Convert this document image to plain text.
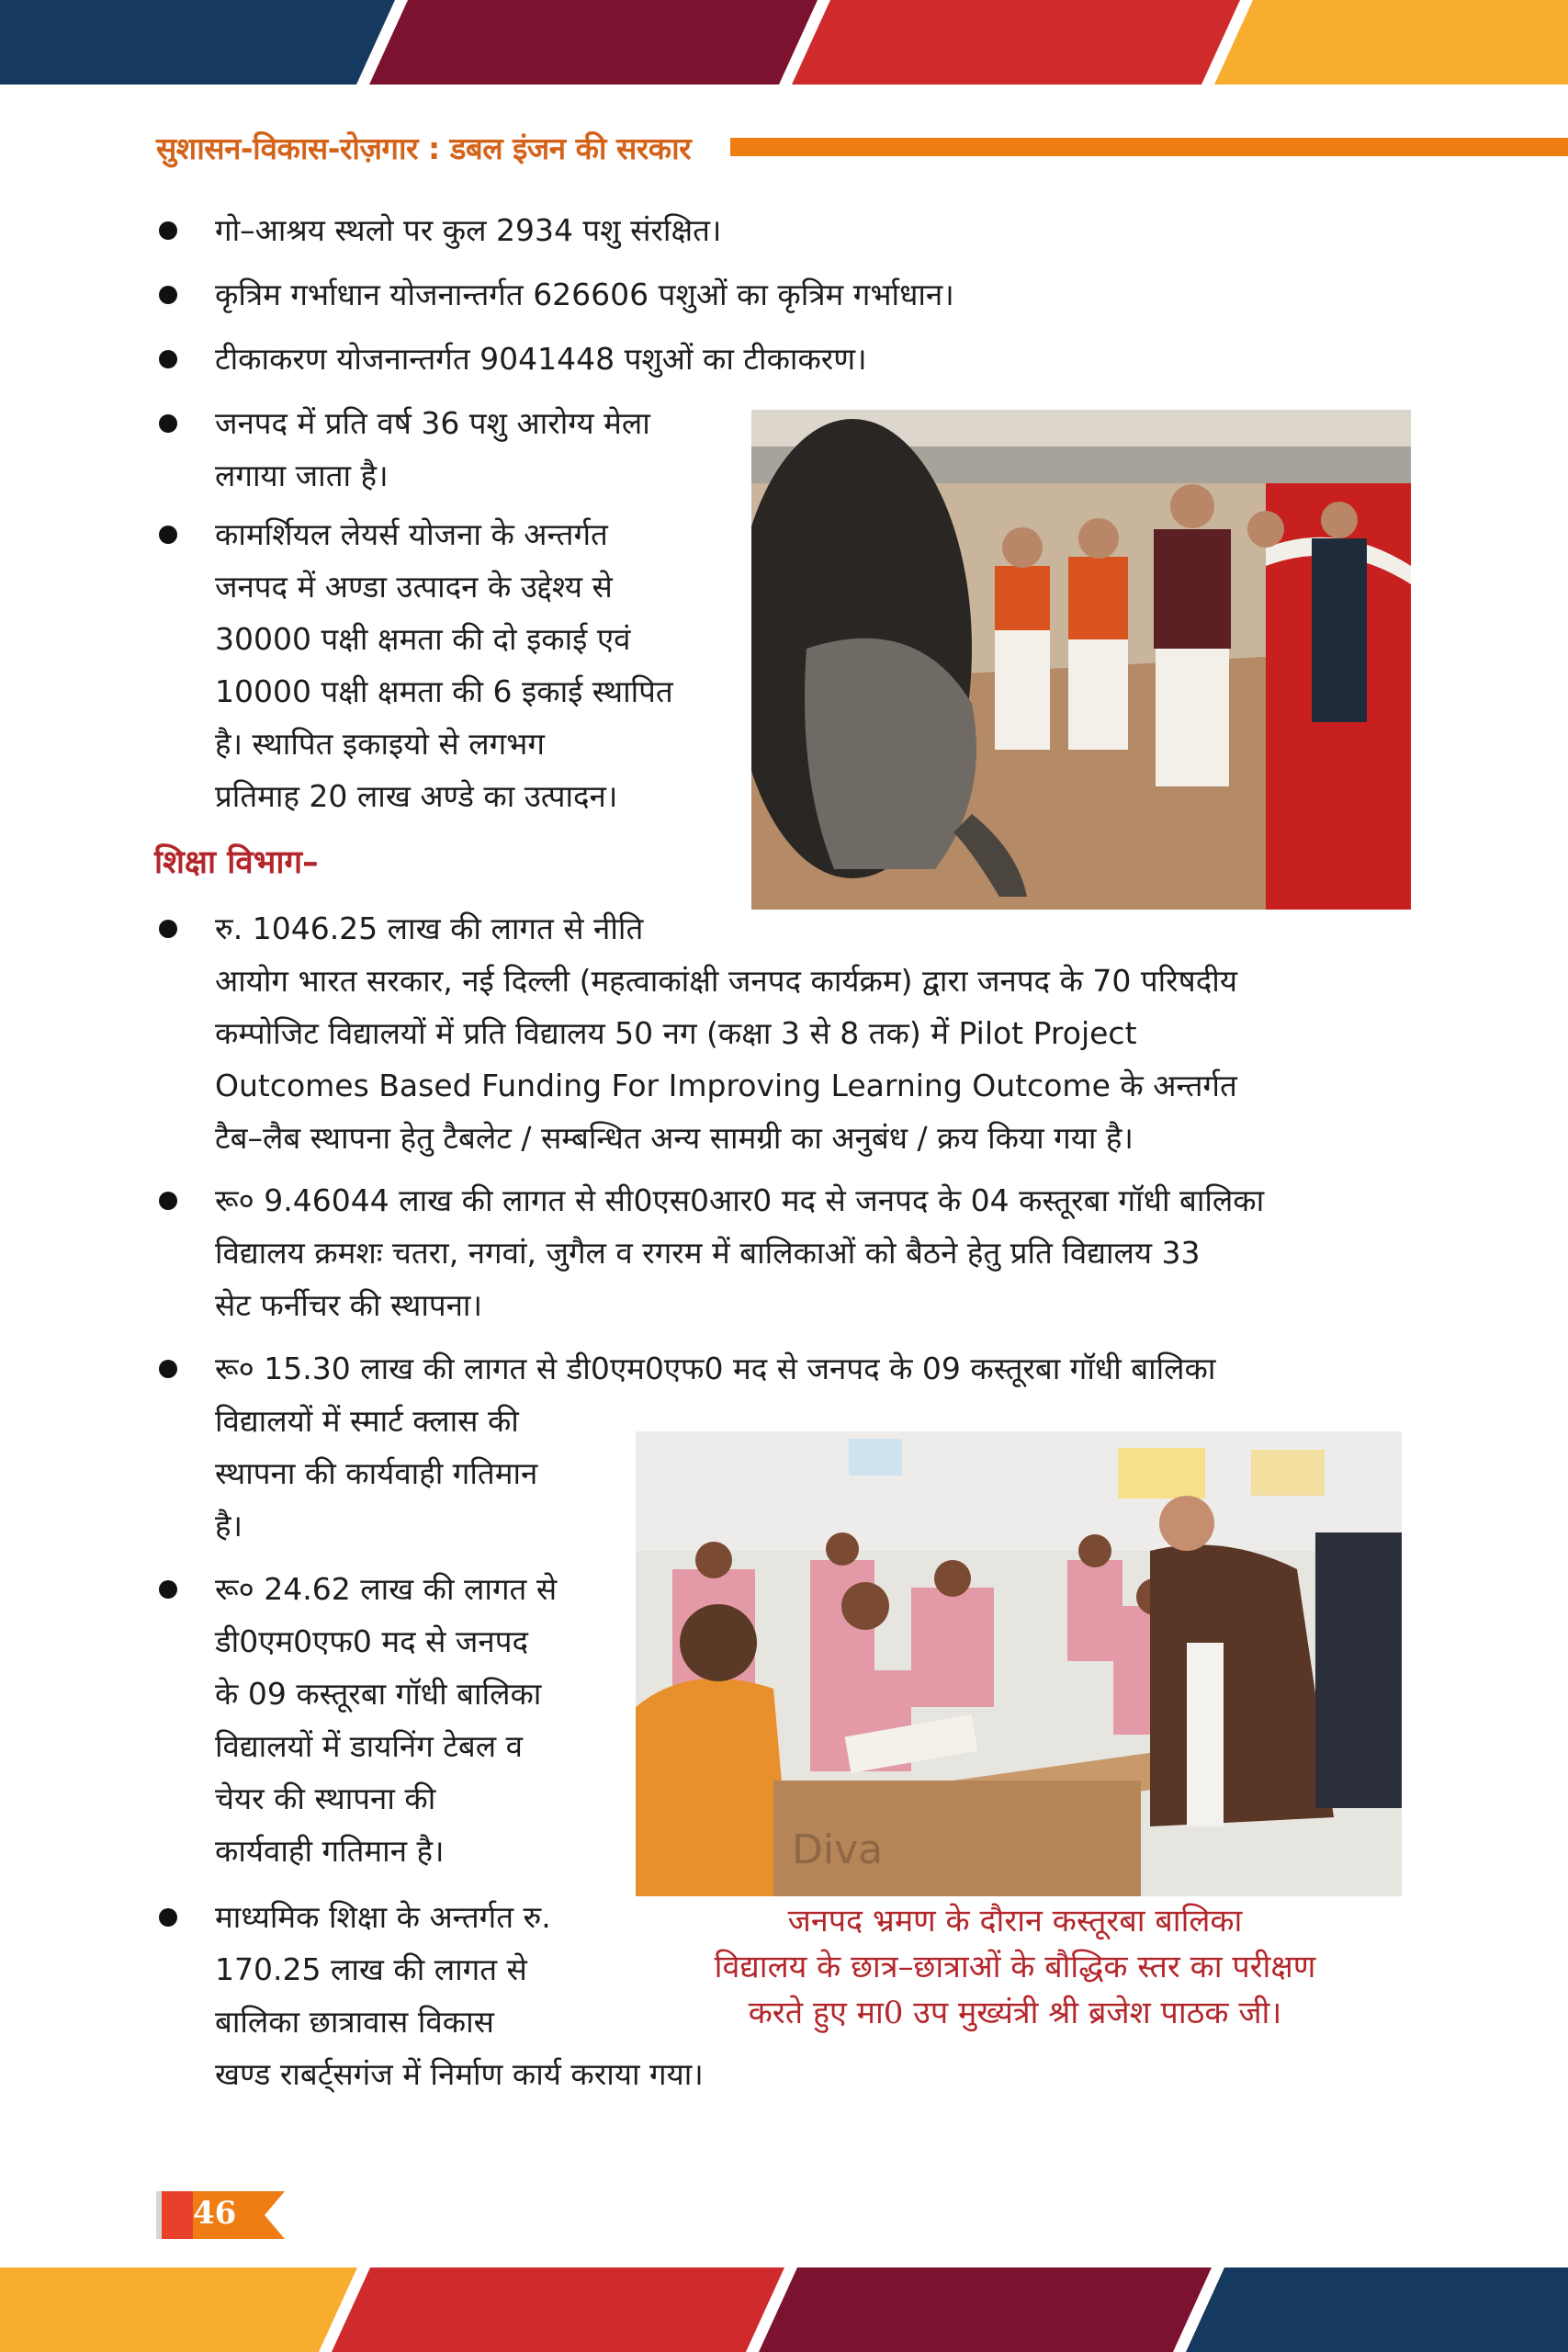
सुशासन-विकास-रोज़गार : डबल इंजन की सरकार
गो–आश्रय स्थलो पर कुल 2934 पशु संरक्षित।
कृत्रिम गर्भाधान योजनान्तर्गत 626606 पशुओं का कृत्रिम गर्भाधान।
टीकाकरण योजनान्तर्गत 9041448 पशुओं का टीकाकरण।
जनपद में प्रति वर्ष 36 पशु आरोग्य मेला
लगाया जाता है।
कामर्शियल लेयर्स योजना के अन्तर्गत
जनपद में अण्डा उत्पादन के उद्देश्य से
30000 पक्षी क्षमता की दो इकाई एवं
10000 पक्षी क्षमता की 6 इकाई स्थापित
है। स्थापित इकाइयो से लगभग
प्रतिमाह 20 लाख अण्डे का उत्पादन।
शिक्षा विभाग–
रु. 1046.25 लाख की लागत से नीति
आयोग भारत सरकार, नई दिल्ली (महत्वाकांक्षी जनपद कार्यक्रम) द्वारा जनपद के 70 परिषदीय
कम्पोजिट विद्यालयों में प्रति विद्यालय 50 नग (कक्षा 3 से 8 तक) में Pilot Project
Outcomes Based Funding For Improving Learning Outcome के अन्तर्गत
टैब–लैब स्थापना हेतु टैबलेट / सम्बन्धित अन्य सामग्री का अनुबंध / क्रय किया गया है।
रू० 9.46044 लाख की लागत से सी0एस0आर0 मद से जनपद के 04 कस्तूरबा गॉधी बालिका
विद्यालय क्रमशः चतरा, नगवां, जुगैल व रगरम में बालिकाओं को बैठने हेतु प्रति विद्यालय 33
सेट फर्नीचर की स्थापना।
रू० 15.30 लाख की लागत से डी0एम0एफ0 मद से जनपद के 09 कस्तूरबा गॉधी बालिका
विद्यालयों में स्मार्ट क्लास की
स्थापना की कार्यवाही गतिमान
है।
रू० 24.62 लाख की लागत से
डी0एम0एफ0 मद से जनपद
के 09 कस्तूरबा गॉधी बालिका
विद्यालयों में डायनिंग टेबल व
चेयर की स्थापना की
कार्यवाही गतिमान है।
माध्यमिक शिक्षा के अन्तर्गत रु.
170.25 लाख की लागत से
बालिका छात्रावास विकास
खण्ड राबर्ट्सगंज में निर्माण कार्य कराया गया।
Diva
जनपद भ्रमण के दौरान कस्तूरबा बालिका
विद्यालय के छात्र–छात्राओं के बौद्धिक स्तर का परीक्षण
करते हुए मा0 उप मुख्यंत्री श्री ब्रजेश पाठक जी।
46
